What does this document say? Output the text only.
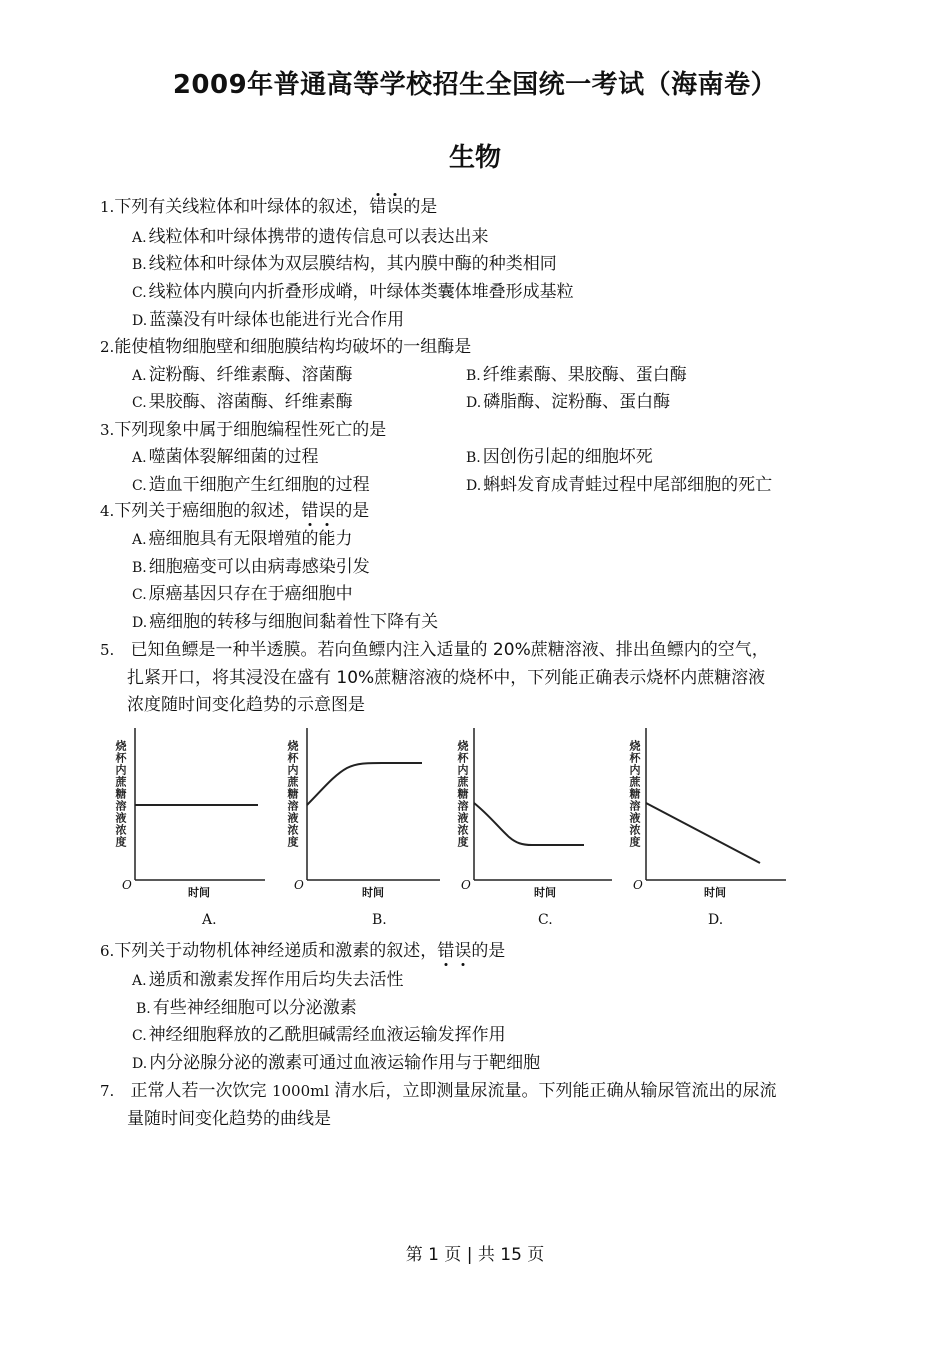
2009年普通高等学校招生全国统一考试（海南卷）
生物
1.下列有关线粒体和叶绿体的叙述，错误的是
A. 线粒体和叶绿体携带的遗传信息可以表达出来
B. 线粒体和叶绿体为双层膜结构，其内膜中酶的种类相同
C. 线粒体内膜向内折叠形成嵴，叶绿体类囊体堆叠形成基粒
D. 蓝藻没有叶绿体也能进行光合作用
2.能使植物细胞壁和细胞膜结构均破坏的一组酶是
A. 淀粉酶、纤维素酶、溶菌酶	B. 纤维素酶、果胶酶、蛋白酶
C. 果胶酶、溶菌酶、纤维素酶	D. 磷脂酶、淀粉酶、蛋白酶
3.下列现象中属于细胞编程性死亡的是
A. 噬菌体裂解细菌的过程	B. 因创伤引起的细胞坏死
C. 造血干细胞产生红细胞的过程	D. 蝌蚪发育成青蛙过程中尾部细胞的死亡
4.下列关于癌细胞的叙述，错误的是
A. 癌细胞具有无限增殖的能力
B. 细胞癌变可以由病毒感染引发
C. 原癌基因只存在于癌细胞中
D. 癌细胞的转移与细胞间黏着性下降有关
5. 已知鱼鳔是一种半透膜。若向鱼鳔内注入适量的 20%蔗糖溶液、排出鱼鳔内的空气，
扎紧开口，将其浸没在盛有 10%蔗糖溶液的烧杯中，下列能正确表示烧杯内蔗糖溶液
浓度随时间变化趋势的示意图是
烧杯内蔗糖溶液浓度
O
时间
A.
烧杯内蔗糖溶液浓度
O
时间
B.
烧杯内蔗糖溶液浓度
O
时间
C.
烧杯内蔗糖溶液浓度
O
时间
D.
6.下列关于动物机体神经递质和激素的叙述，错误的是
A. 递质和激素发挥作用后均失去活性
B. 有些神经细胞可以分泌激素
C. 神经细胞释放的乙酰胆碱需经血液运输发挥作用
D. 内分泌腺分泌的激素可通过血液运输作用与于靶细胞
7. 正常人若一次饮完 1000ml 清水后，立即测量尿流量。下列能正确从输尿管流出的尿流
量随时间变化趋势的曲线是
第 1 页 | 共 15 页
